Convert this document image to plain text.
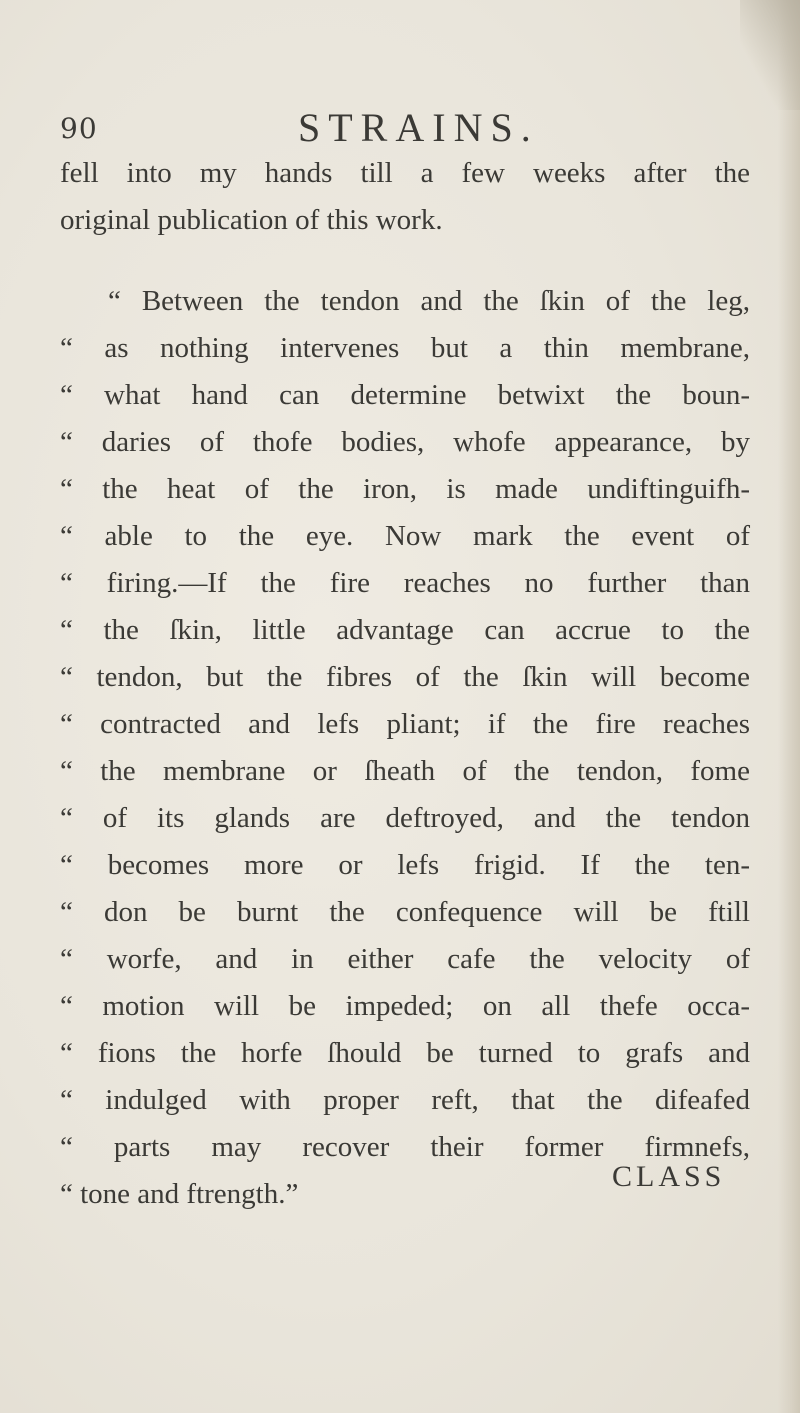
90	STRAINS.
fell into my hands till a few weeks after the
original publication of this work.
“ Between the tendon and the ſkin of the leg,
“ as nothing intervenes but a thin membrane,
“ what hand can determine betwixt the boun-
“ daries of thofe bodies, whofe appearance, by
“ the heat of the iron, is made undiftinguifh-
“ able to the eye. Now mark the event of
“ firing.—If the fire reaches no further than
“ the ſkin, little advantage can accrue to the
“ tendon, but the fibres of the ſkin will become
“ contracted and lefs pliant; if the fire reaches
“ the membrane or ſheath of the tendon, fome
“ of its glands are deftroyed, and the tendon
“ becomes more or lefs frigid. If the ten-
“ don be burnt the confequence will be ftill
“ worfe, and in either cafe the velocity of
“ motion will be impeded; on all thefe occa-
“ fions the horfe ſhould be turned to grafs and
“ indulged with proper reft, that the difeafed
“ parts may recover their former firmnefs,
“ tone and ftrength.”
CLASS
